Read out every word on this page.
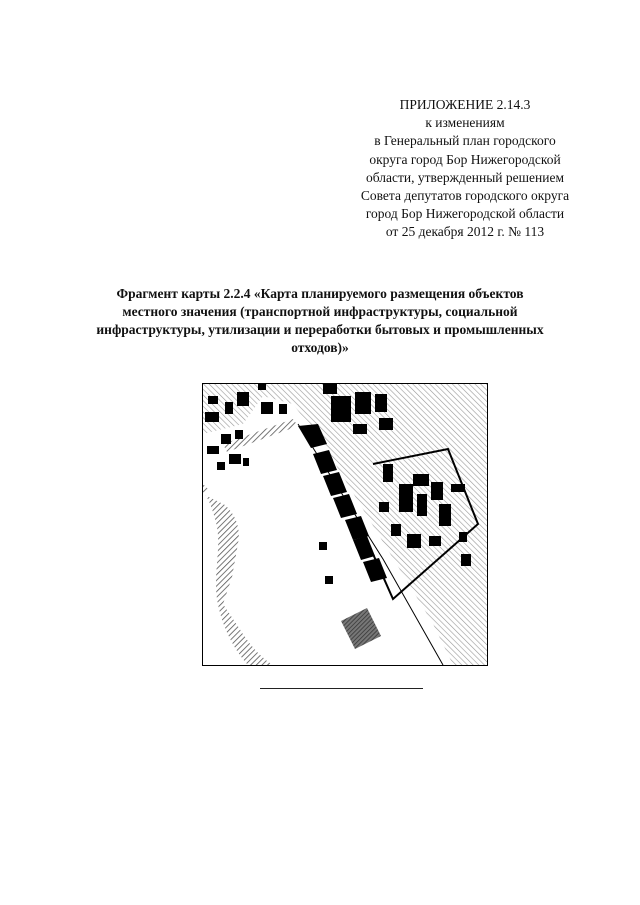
ПРИЛОЖЕНИЕ 2.14.3
к изменениям
в Генеральный план городского
округа город Бор Нижегородской
области, утвержденный решением
Совета депутатов городского округа
город Бор Нижегородской области
от 25 декабря 2012 г. № 113
Фрагмент карты 2.2.4 «Карта планируемого размещения объектов
местного значения (транспортной инфраструктуры, социальной
инфраструктуры, утилизации и переработки бытовых и промышленных
отходов)»
